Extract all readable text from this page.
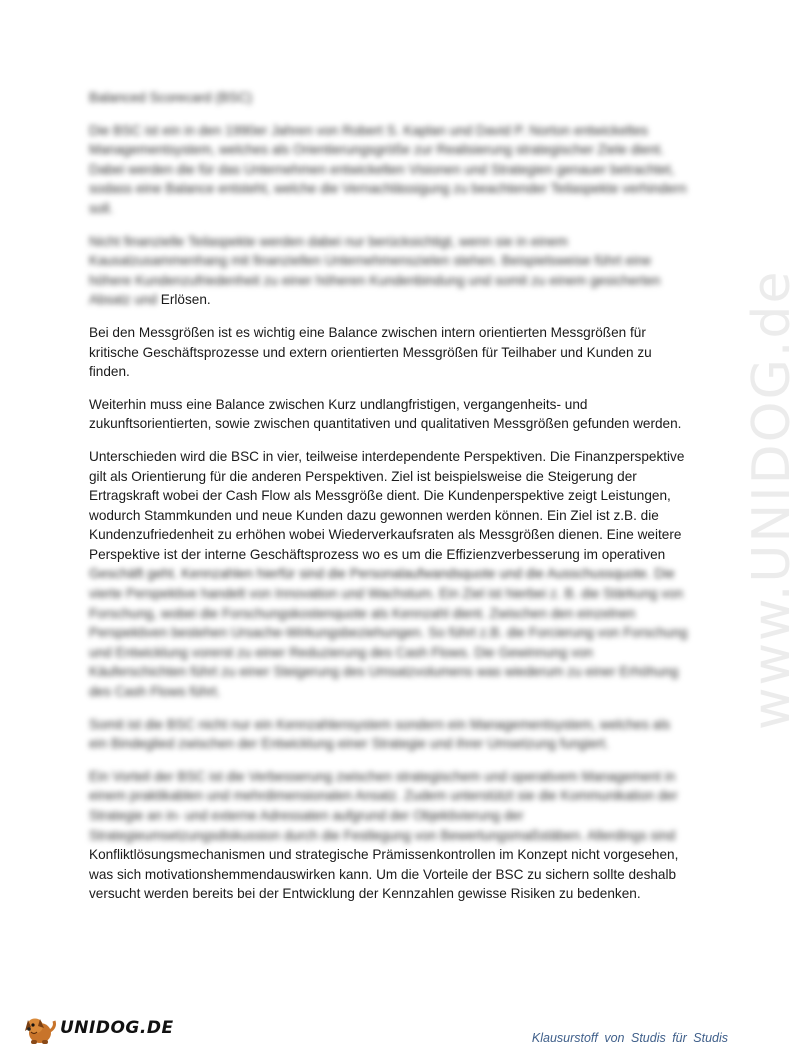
www.UNIDOG.de

Balanced Scorecard (BSC)

Die BSC ist ein in den 1990er Jahren von Robert S. Kaplan und David P. Norton entwickeltes Managementsystem, welches als Orientierungsgröße zur Realisierung strategischer Ziele dient. Dabei werden die für das Unternehmen entwickelten Visionen und Strategien genauer betrachtet, sodass eine Balance entsteht, welche die Vernachlässigung zu beachtender Teilaspekte verhindern soll.

Nicht finanzielle Teilaspekte werden dabei nur berücksichtigt, wenn sie in einem Kausalzusammenhang mit finanziellen Unternehmenszielen stehen. Beispielsweise führt eine höhere Kundenzufriedenheit zu einer höheren Kundenbindung und somit zu einem gesicherten Absatz und Erlösen.

Bei den Messgrößen ist es wichtig eine Balance zwischen intern orientierten Messgrößen für kritische Geschäftsprozesse und extern orientierten Messgrößen für Teilhaber und Kunden zu finden.

Weiterhin muss eine Balance zwischen Kurz undlangfristigen, vergangenheits- und zukunftsorientierten, sowie zwischen quantitativen und qualitativen Messgrößen gefunden werden.

Unterschieden wird die BSC in vier, teilweise interdependente Perspektiven. Die Finanzperspektive gilt als Orientierung für die anderen Perspektiven. Ziel ist beispielsweise die Steigerung der Ertragskraft wobei der Cash Flow als Messgröße dient. Die Kundenperspektive zeigt Leistungen, wodurch Stammkunden und neue Kunden dazu gewonnen werden können. Ein Ziel ist z.B. die Kundenzufriedenheit zu erhöhen wobei Wiederverkaufsraten als Messgrößen dienen. Eine weitere Perspektive ist der interne Geschäftsprozess wo es um die Effizienzverbesserung im operativen Geschäft geht. Kennzahlen hierfür sind die Personalaufwandsquote und die Ausschussquote. Die vierte Perspektive handelt von Innovation und Wachstum. Ein Ziel ist hierbei z. B. die Stärkung von Forschung, wobei die Forschungskostenquote als Kennzahl dient. Zwischen den einzelnen Perspektiven bestehen Ursache-Wirkungsbeziehungen. So führt z.B. die Forcierung von Forschung und Entwicklung vorerst zu einer Reduzierung des Cash Flows. Die Gewinnung von Käuferschichten führt zu einer Steigerung des Umsatzvolumens was wiederum zu einer Erhöhung des Cash Flows führt.

Somit ist die BSC nicht nur ein Kennzahlensystem sondern ein Managementsystem, welches als ein Bindeglied zwischen der Entwicklung einer Strategie und ihrer Umsetzung fungiert.

Ein Vorteil der BSC ist die Verbesserung zwischen strategischem und operativem Management in einem praktikablen und mehrdimensionalen Ansatz. Zudem unterstützt sie die Kommunikation der Strategie an in- und externe Adressaten aufgrund der Objektivierung der Strategieumsetzungsdiskussion durch die Festlegung von Bewertungsmaßstäben. Allerdings sind Konfliktlösungsmechanismen und strategische Prämissenkontrollen im Konzept nicht vorgesehen, was sich motivationshemmendauswirken kann. Um die Vorteile der BSC zu sichern sollte deshalb versucht werden bereits bei der Entwicklung der Kennzahlen gewisse Risiken zu bedenken.

UNIDOG.DE	Klausurstoff von Studis für Studis
